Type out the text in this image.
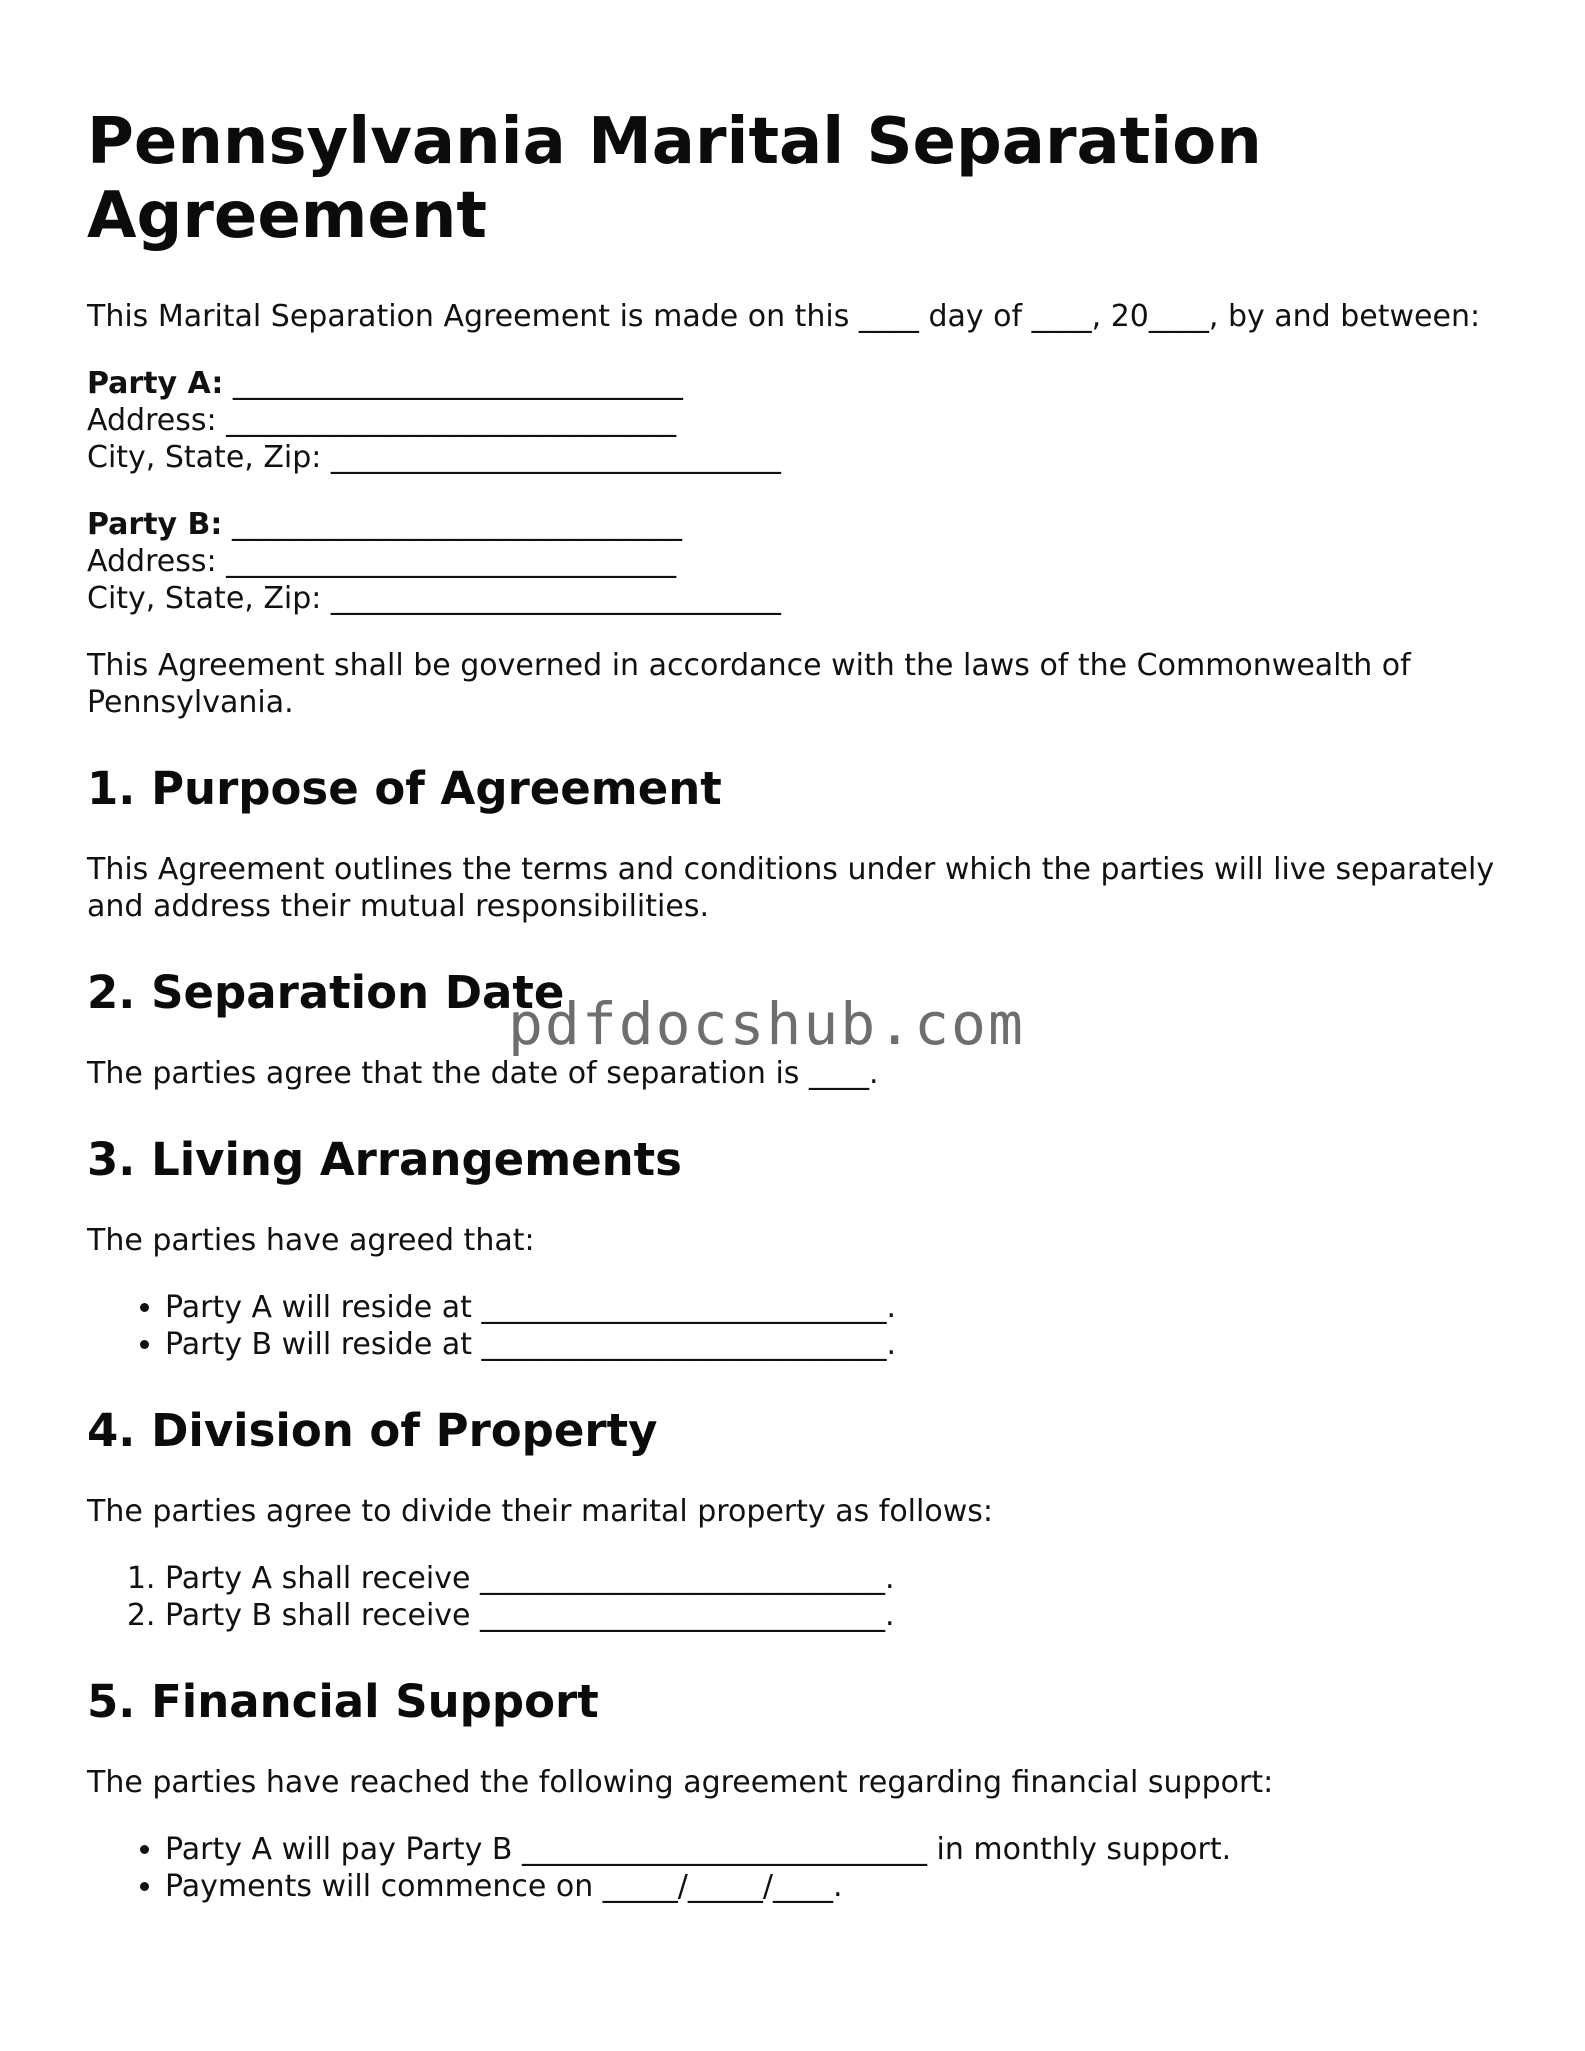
Pennsylvania Marital Separation Agreement

This Marital Separation Agreement is made on this ____ day of ____, 20____, by and between:

Party A: ______________________________
Address: ______________________________
City, State, Zip: ______________________________
Party B: ______________________________
Address: ______________________________
City, State, Zip: ______________________________

This Agreement shall be governed in accordance with the laws of the Commonwealth of Pennsylvania.

1. Purpose of Agreement

This Agreement outlines the terms and conditions under which the parties will live separately and address their mutual responsibilities.

2. Separation Date

The parties agree that the date of separation is ____.

3. Living Arrangements

The parties have agreed that:

• Party A will reside at ___________________________.
• Party B will reside at ___________________________.
4. Division of Property

The parties agree to divide their marital property as follows:

1. Party A shall receive ___________________________.
2. Party B shall receive ___________________________.
5. Financial Support

The parties have reached the following agreement regarding financial support:

• Party A will pay Party B ___________________________ in monthly support.
• Payments will commence on _____/_____/____.
pdfdocshub.com
